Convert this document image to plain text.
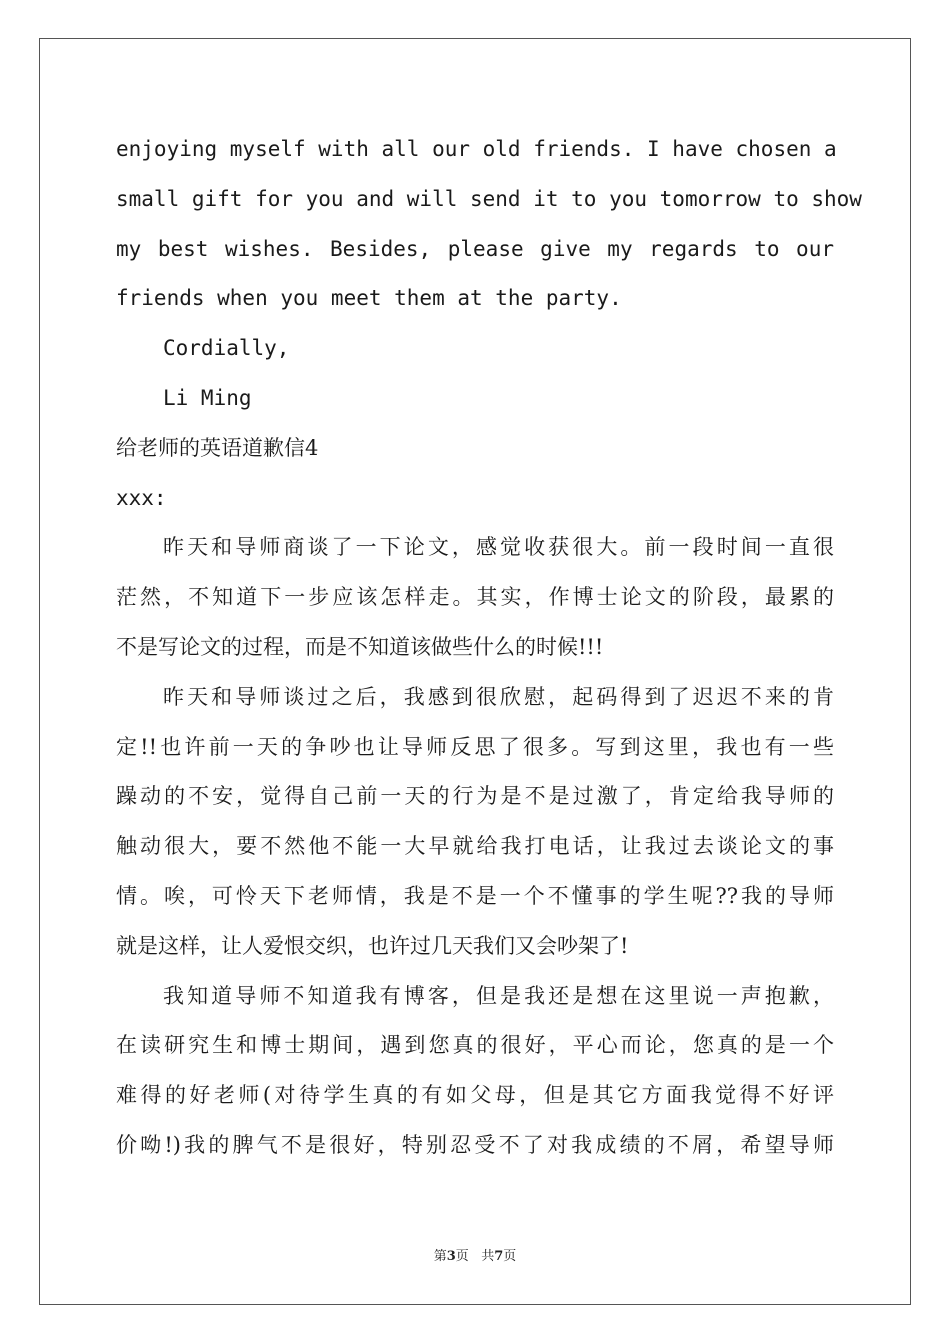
enjoying myself with all our old friends. I have chosen a
small gift for you and will send it to you tomorrow to show
my best wishes. Besides, please give my regards to our
friends when you meet them at the party.
Cordially,
Li Ming
给老师的英语道歉信4
xxx:
昨天和导师商谈了一下论文，感觉收获很大。前一段时间一直很
茫然，不知道下一步应该怎样走。其实，作博士论文的阶段，最累的
不是写论文的过程，而是不知道该做些什么的时候!!!
昨天和导师谈过之后，我感到很欣慰，起码得到了迟迟不来的肯
定!!也许前一天的争吵也让导师反思了很多。写到这里，我也有一些
躁动的不安，觉得自己前一天的行为是不是过激了，肯定给我导师的
触动很大，要不然他不能一大早就给我打电话，让我过去谈论文的事
情。唉，可怜天下老师情，我是不是一个不懂事的学生呢??我的导师
就是这样，让人爱恨交织，也许过几天我们又会吵架了!
我知道导师不知道我有博客，但是我还是想在这里说一声抱歉，
在读研究生和博士期间，遇到您真的很好，平心而论，您真的是一个
难得的好老师(对待学生真的有如父母，但是其它方面我觉得不好评
价呦!)我的脾气不是很好，特别忍受不了对我成绩的不屑，希望导师
第3页 共7页
